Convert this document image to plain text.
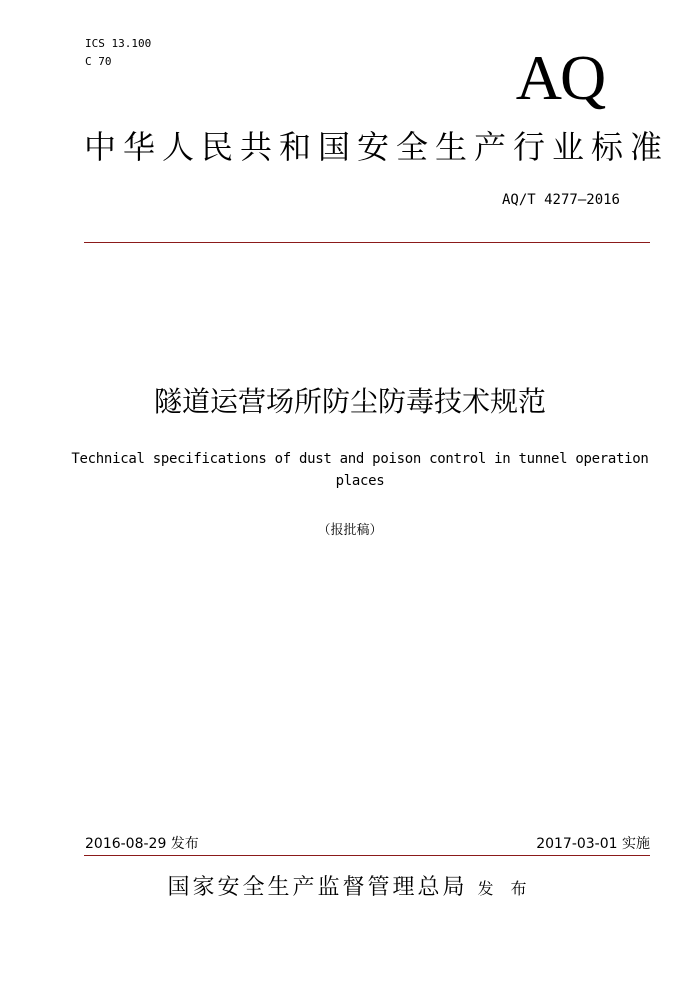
ICS 13.100
C 70	AQ
中华人民共和国安全生产行业标准
AQ/T 4277—2016
隧道运营场所防尘防毒技术规范
Technical specifications of dust and poison control in tunnel operation places
（报批稿）
2016-08-29 发布	2017-03-01 实施
国家安全生产监督管理总局 发 布
